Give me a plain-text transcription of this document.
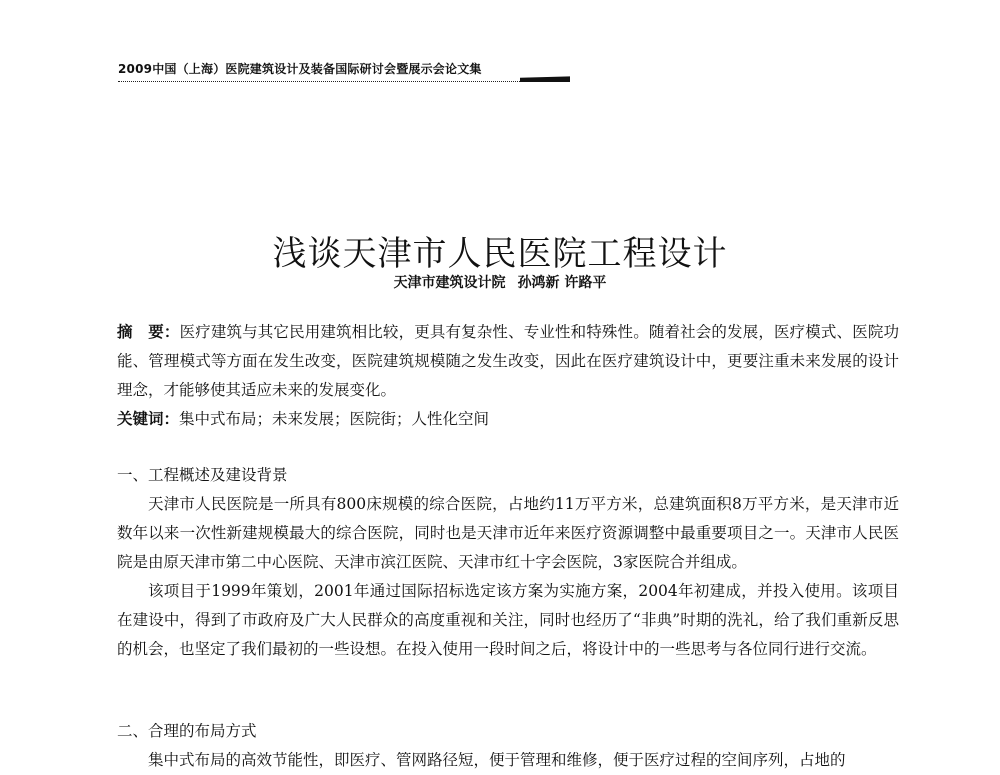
2009中国（上海）医院建筑设计及装备国际研讨会暨展示会论文集
浅谈天津市人民医院工程设计
天津市建筑设计院 孙鸿新 许路平

摘　要：医疗建筑与其它民用建筑相比较，更具有复杂性、专业性和特殊性。随着社会的发展，医疗模式、医院功能、管理模式等方面在发生改变，医院建筑规模随之发生改变，因此在医疗建筑设计中，更要注重未来发展的设计理念，才能够使其适应未来的发展变化。

关键词：集中式布局；未来发展；医院街；人性化空间

一、工程概述及建设背景

天津市人民医院是一所具有800床规模的综合医院，占地约11万平方米，总建筑面积8万平方米，是天津市近数年以来一次性新建规模最大的综合医院，同时也是天津市近年来医疗资源调整中最重要项目之一。天津市人民医院是由原天津市第二中心医院、天津市滨江医院、天津市红十字会医院，3家医院合并组成。

该项目于1999年策划，2001年通过国际招标选定该方案为实施方案，2004年初建成，并投入使用。该项目在建设中，得到了市政府及广大人民群众的高度重视和关注，同时也经历了“非典”时期的洗礼，给了我们重新反思的机会，也坚定了我们最初的一些设想。在投入使用一段时间之后，将设计中的一些思考与各位同行进行交流。

二、合理的布局方式

集中式布局的高效节能性，即医疗、管网路径短，便于管理和维修，便于医疗过程的空间序列，占地的
